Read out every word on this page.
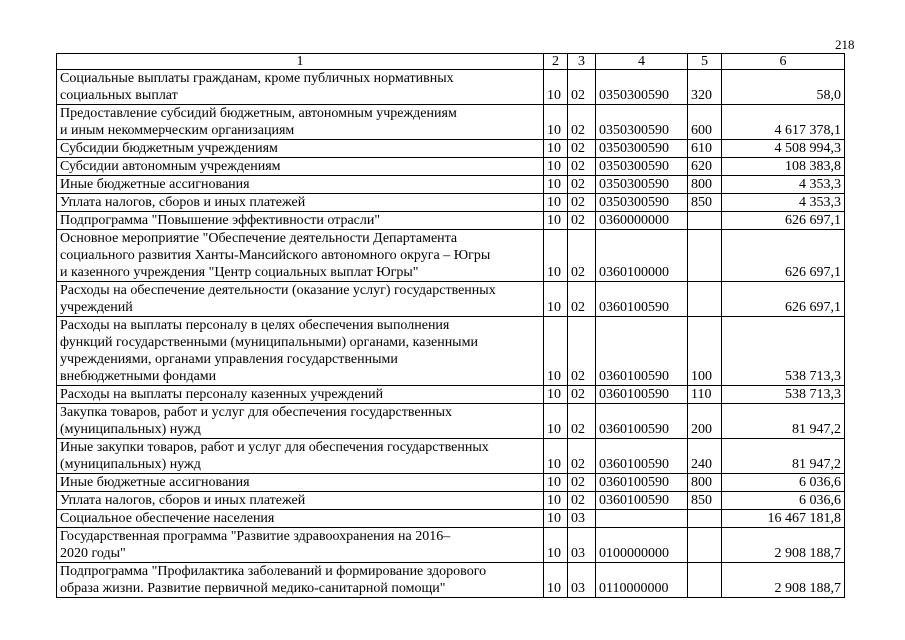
218
1	2	3	4	5	6
Социальные выплаты гражданам, кроме публичных нормативных
социальных выплат	10	02	0350300590	320	58,0
Предоставление субсидий бюджетным, автономным учреждениям
и иным некоммерческим организациям	10	02	0350300590	600	4 617 378,1
Субсидии бюджетным учреждениям	10	02	0350300590	610	4 508 994,3
Субсидии автономным учреждениям	10	02	0350300590	620	108 383,8
Иные бюджетные ассигнования	10	02	0350300590	800	4 353,3
Уплата налогов, сборов и иных платежей	10	02	0350300590	850	4 353,3
Подпрограмма "Повышение эффективности отрасли"	10	02	0360000000		626 697,1
Основное мероприятие "Обеспечение деятельности Департамента
социального развития Ханты-Мансийского автономного округа – Югры
и казенного учреждения "Центр социальных выплат Югры"	10	02	0360100000		626 697,1
Расходы на обеспечение деятельности (оказание услуг) государственных
учреждений	10	02	0360100590		626 697,1
Расходы на выплаты персоналу в целях обеспечения выполнения
функций государственными (муниципальными) органами, казенными
учреждениями, органами управления государственными
внебюджетными фондами	10	02	0360100590	100	538 713,3
Расходы на выплаты персоналу казенных учреждений	10	02	0360100590	110	538 713,3
Закупка товаров, работ и услуг для обеспечения государственных
(муниципальных) нужд	10	02	0360100590	200	81 947,2
Иные закупки товаров, работ и услуг для обеспечения государственных
(муниципальных) нужд	10	02	0360100590	240	81 947,2
Иные бюджетные ассигнования	10	02	0360100590	800	6 036,6
Уплата налогов, сборов и иных платежей	10	02	0360100590	850	6 036,6
Социальное обеспечение населения	10	03			16 467 181,8
Государственная программа "Развитие здравоохранения на 2016–
2020 годы"	10	03	0100000000		2 908 188,7
Подпрограмма "Профилактика заболеваний и формирование здорового
образа жизни. Развитие первичной медико-санитарной помощи"	10	03	0110000000		2 908 188,7
